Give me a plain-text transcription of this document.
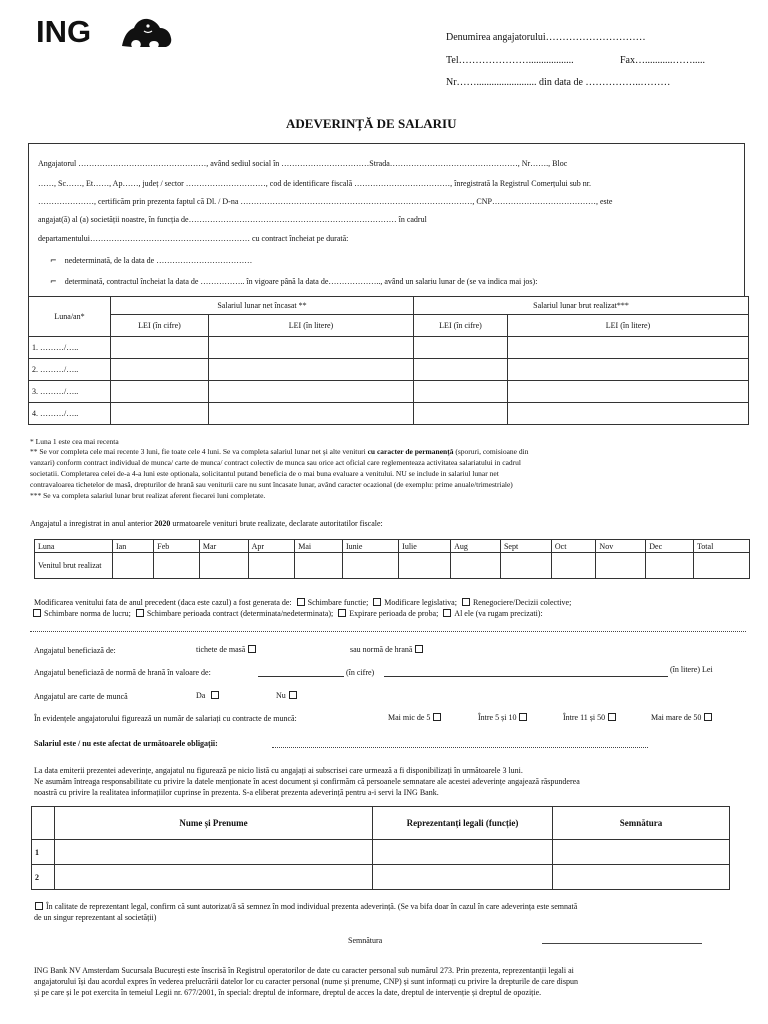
ING	Denumirea angajatorului…………………………
Tel…………………..................	Fax…...........…….....
Nr……........................ din data de ……………..………
ADEVERINȚĂ DE SALARIU
Angajatorul …………………………………………, având sediul social în ……………………………Strada…………………………………………, Nr……., Bloc
……, Sc……, Et……, Ap……, județ / sector …………………………, cod de identificare fiscală ………………………………, înregistrată la Registrul Comerțului sub nr.
…………………, certificăm prin prezenta faptul că Dl. / D-na ……………………………………………………………………………, CNP…………………………………, este
angajat(ă) al (a) societății noastre, în funcția de…………………………………………………………………… în cadrul
departamentului…………………………………………………… cu contract încheiat pe durată:
⌐ nedeterminată, de la data de ………………………………
⌐ determinată, contractul încheiat la data de …………….. în vigoare până la data de……………….., având un salariu lunar de (se va indica mai jos):
Luna/an*	Salariul lunar net încasat **		Salariul lunar brut realizat***	
	LEI (în cifre)	LEI (în litere)	LEI (în cifre)	LEI (în litere)
1. ………/…..				
2. ………/…..				
3. ………/…..				
4. ………/…..				
* Luna 1 este cea mai recenta
** Se vor completa cele mai recente 3 luni, fie toate cele 4 luni. Se va completa salariul lunar net și alte venituri cu caracter de permanență (sporuri, comisioane din
vanzari) conform contract individual de munca/ carte de munca/ contract colectiv de munca sau orice act oficial care reglementeaza activitatea salariatului in cadrul
societatii. Completarea celei de-a 4-a luni este optionala, solicitantul putand beneficia de o mai buna evaluare a venitului. NU se include in salariul lunar net
contravaloarea tichetelor de masă, drepturilor de hrană sau veniturii care nu sunt încasate lunar, având caracter ocazional (de exemplu: prime anuale/trimestriale)
*** Se va completa salariul lunar brut realizat aferent fiecarei luni completate.
Angajatul a inregistrat in anul anterior 2020 urmatoarele venituri brute realizate, declarate autoritatilor fiscale:
Luna	Ian	Feb	Mar	Apr	Mai	Iunie	Iulie	Aug	Sept	Oct	Nov	Dec	Total
Venitul brut realizat													
Modificarea venitului fata de anul precedent (daca este cazul) a fost generata de: Schimbare functie; Modificare legislativa; Renegociere/Decizii colective;
Schimbare norma de lucru; Schimbare perioada contract (determinata/nedeterminata); Expirare perioada de proba; Al ele (va rugam precizati):
Angajatul beneficiază de:	tichete de masă	sau normă de hrană
Angajatul beneficiază de normă de hrană în valoare de:	(în cifre)	(în litere) Lei
Angajatul are carte de muncă	Da	Nu
În evidențele angajatorului figurează un număr de salariați cu contracte de muncă:	Mai mic de 5	Între 5 și 10	Între 11 și 50	Mai mare de 50
Salariul este / nu este afectat de următoarele obligații:
La data emiterii prezentei adeverințe, angajatul nu figurează pe nicio listă cu angajați ai subscrisei care urmează a fi disponibilizați în următoarele 3 luni.
Ne asumăm întreaga responsabilitate cu privire la datele menționate în acest document și confirmăm că persoanele semnatare ale acestei adeverințe angajează răspunderea
noastră cu privire la realitatea informațiilor cuprinse în prezenta. S-a eliberat prezenta adeverință pentru a-i servi la ING Bank.
	Nume și Prenume	Reprezentanți legali (funcție)	Semnătura
1			
2			
În calitate de reprezentant legal, confirm că sunt autorizat/ă să semnez în mod individual prezenta adeverință. (Se va bifa doar în cazul în care adeverința este semnată
de un singur reprezentant al societății)
Semnătura
ING Bank NV Amsterdam Sucursala București este înscrisă în Registrul operatorilor de date cu caracter personal sub numărul 273. Prin prezenta, reprezentanții legali ai
angajatorului își dau acordul expres în vederea prelucrării datelor lor cu caracter personal (nume și prenume, CNP) și sunt informați cu privire la drepturile de care dispun
și pe care și le pot exercita în temeiul Legii nr. 677/2001, în special: dreptul de informare, dreptul de acces la date, dreptul de intervenție și dreptul de opoziție.
